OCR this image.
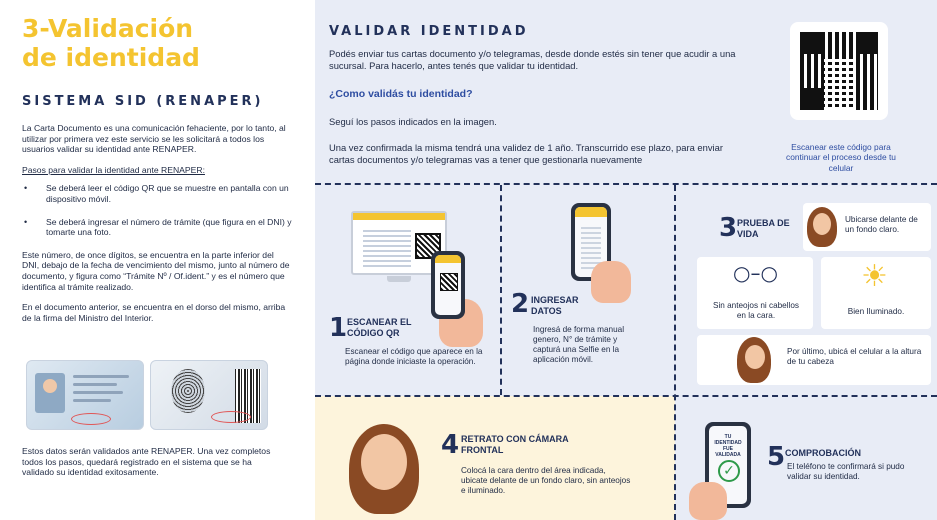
3-Validación
de identidad
SISTEMA SID (RENAPER)
La Carta Documento es una comunicación fehaciente, por lo tanto, al utilizar por primera vez este servicio se les solicitará a todos los usuarios validar su identidad ante RENAPER.
Pasos para validar la identidad ante RENAPER:
• Se deberá leer el código QR que se muestre en pantalla con un dispositivo móvil.
• Se deberá ingresar el número de trámite (que figura en el DNI) y tomarte una foto.
Este número, de once dígitos, se encuentra en la parte inferior del DNI, debajo de la fecha de vencimiento del mismo, junto al número de documento, y figura como “Trámite Nº / Of.ident.” y es el número que identifica al trámite realizado.
En el documento anterior, se encuentra en el dorso del mismo, arriba de la firma del Ministro del Interior.
Estos datos serán validados ante RENAPER. Una vez completos todos los pasos, quedará registrado en el sistema que se ha validado su identidad exitosamente.
VALIDAR IDENTIDAD
Podés enviar tus cartas documento y/o telegramas, desde donde estés sin tener que acudir a una sucursal. Para hacerlo, antes tenés que validar tu identidad.
¿Como validás tu identidad?
Seguí los pasos indicados en la imagen.
Una vez confirmada la misma tendrá una validez de 1 año. Transcurrido ese plazo, para enviar cartas documentos y/o telegramas vas a tener que gestionarla nuevamente
Escanear este código para continuar el proceso desde tu celular
1 ESCANEAR EL CÓDIGO QR
Escanear el código que aparece en la página donde iniciaste la operación.
2 INGRESAR DATOS
Ingresá de forma manual genero, N° de trámite y capturá una Selfie en la aplicación móvil.
3 PRUEBA DE VIDA
Ubicarse delante de un fondo claro.
○–○
Sin anteojos ni cabellos en la cara.
☀
Bien Iluminado.
Por último, ubicá el celular a la altura de tu cabeza
4 RETRATO CON CÁMARA FRONTAL
Colocá la cara dentro del área indicada, ubicate delante de un fondo claro, sin anteojos e iluminado.
TU IDENTIDAD FUE VALIDADA
✓ 5 COMPROBACIÓN
El teléfono te confirmará si pudo validar su identidad.
